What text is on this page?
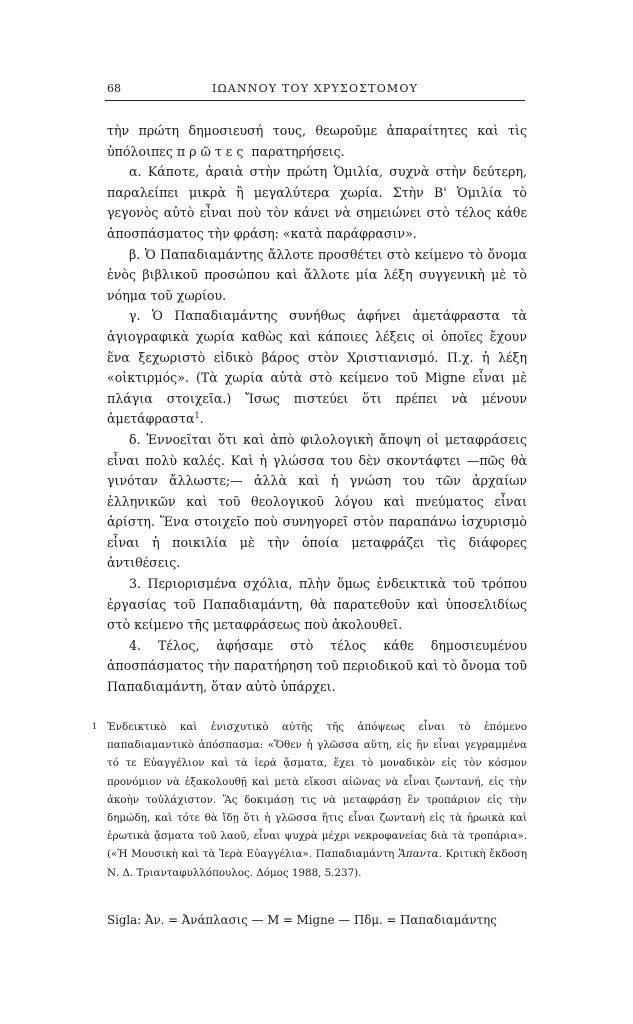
68	ΙΩΑΝΝΟΥ ΤΟΥ ΧΡΥΣΟΣΤΟΜΟΥ

τὴν πρώτη δημοσιευσή τους, θεωροῦμε ἀπαραίτητες καὶ τὶς ὑπόλοιπες πρῶτες παρατηρήσεις.

α. Κάποτε, ἀραιὰ στὴν πρώτη Ὁμιλία, συχνὰ στὴν δεύτερη, παραλείπει μικρὰ ἢ μεγαλύτερα χωρία. Στὴν Β' Ὁμιλία τὸ γεγονὸς αὐτὸ εἶναι ποὺ τὸν κάνει νὰ σημειώνει στὸ τέλος κάθε ἀποσπάσματος τὴν φράση: «κατὰ παράφρασιν».

β. Ὁ Παπαδιαμάντης ἄλλοτε προσθέτει στὸ κείμενο τὸ ὄνομα ἑνὸς βιβλικοῦ προσώπου καὶ ἄλλοτε μία λέξη συγγενικὴ μὲ τὸ νόημα τοῦ χωρίου.

γ. Ὁ Παπαδιαμάντης συνήθως ἀφήνει ἀμετάφραστα τὰ ἁγιογραφικὰ χωρία καθὼς καὶ κάποιες λέξεις οἱ ὁποῖες ἔχουν ἕνα ξεχωριστὸ εἰδικὸ βάρος στὸν Χριστιανισμό. Π.χ. ἡ λέξη «οἰκτιρμός». (Τὰ χωρία αὐτὰ στὸ κείμενο τοῦ Migne εἶναι μὲ πλάγια στοιχεῖα.) Ἴσως πιστεύει ὅτι πρέπει νὰ μένουν ἀμετάφραστα$^1$.

δ. Ἐννοεῖται ὅτι καὶ ἀπὸ φιλολογικὴ ἄποψη οἱ μεταφράσεις εἶναι πολὺ καλές. Καὶ ἡ γλώσσα του δὲν σκοντάφτει —πῶς θὰ γινόταν ἄλλωστε;— ἀλλὰ καὶ ἡ γνώση του τῶν ἀρχαίων ἑλληνικῶν καὶ τοῦ θεολογικοῦ λόγου καὶ πνεύματος εἶναι ἀρίστη. Ἕνα στοιχεῖο ποὺ συνηγορεῖ στὸν παραπάνω ἰσχυρισμὸ εἶναι ἡ ποικιλία μὲ τὴν ὁποία μεταφράζει τὶς διάφορες ἀντιθέσεις.

3. Περιορισμένα σχόλια, πλὴν ὅμως ἐνδεικτικὰ τοῦ τρόπου ἐργασίας τοῦ Παπαδιαμάντη, θὰ παρατεθοῦν καὶ ὑποσελιδίως στὸ κείμενο τῆς μεταφράσεως ποὺ ἀκολουθεῖ.

4. Τέλος, ἀφήσαμε στὸ τέλος κάθε δημοσιευμένου ἀποσπάσματος τὴν παρατήρηση τοῦ περιοδικοῦ καὶ τὸ ὄνομα τοῦ Παπαδιαμάντη, ὅταν αὐτὸ ὑπάρχει.

1 Ἐνδεικτικὸ καὶ ἐνισχυτικὸ αὐτῆς τῆς ἀπόψεως εἶναι τὸ ἑπόμενο παπαδιαμαντικὸ ἀπόσπασμα: «Ὅθεν ἡ γλῶσσα αὕτη, εἰς ἣν εἶναι γεγραμμένα τό τε Εὐαγγέλιον καὶ τὰ ἱερὰ ᾄσματα, ἔχει τὸ μοναδικὸν εἰς τὸν κόσμον προνόμιον νὰ ἐξακολουθῇ καὶ μετὰ εἴκοσι αἰῶνας νὰ εἶναι ζωντανή, εἰς τὴν ἀκοὴν τοὐλάχιστον. Ἂς δοκιμάσῃ τις νὰ μεταφράσῃ ἓν τροπάριον εἰς τὴν δημώδη, καὶ τότε θὰ ἴδῃ ὅτι ἡ γλῶσσα ἥτις εἶναι ζωντανὴ εἰς τὰ ἡρωικὰ καὶ ἐρωτικὰ ᾄσματα τοῦ λαοῦ, εἶναι ψυχρὰ μέχρι νεκροφανείας διὰ τὰ τροπάρια». («Ἡ Μουσικὴ καὶ τὰ Ἱερὰ Εὐαγγέλια». Παπαδιαμάντη Ἅπαντα. Κριτικὴ ἔκδοση Ν. Δ. Τριανταφυλλόπουλος. Δόμος 1988, 5.237).

Sigla: Ἀν. = Ἀνάπλασις — M = Migne — Πδμ. = Παπαδιαμάντης
